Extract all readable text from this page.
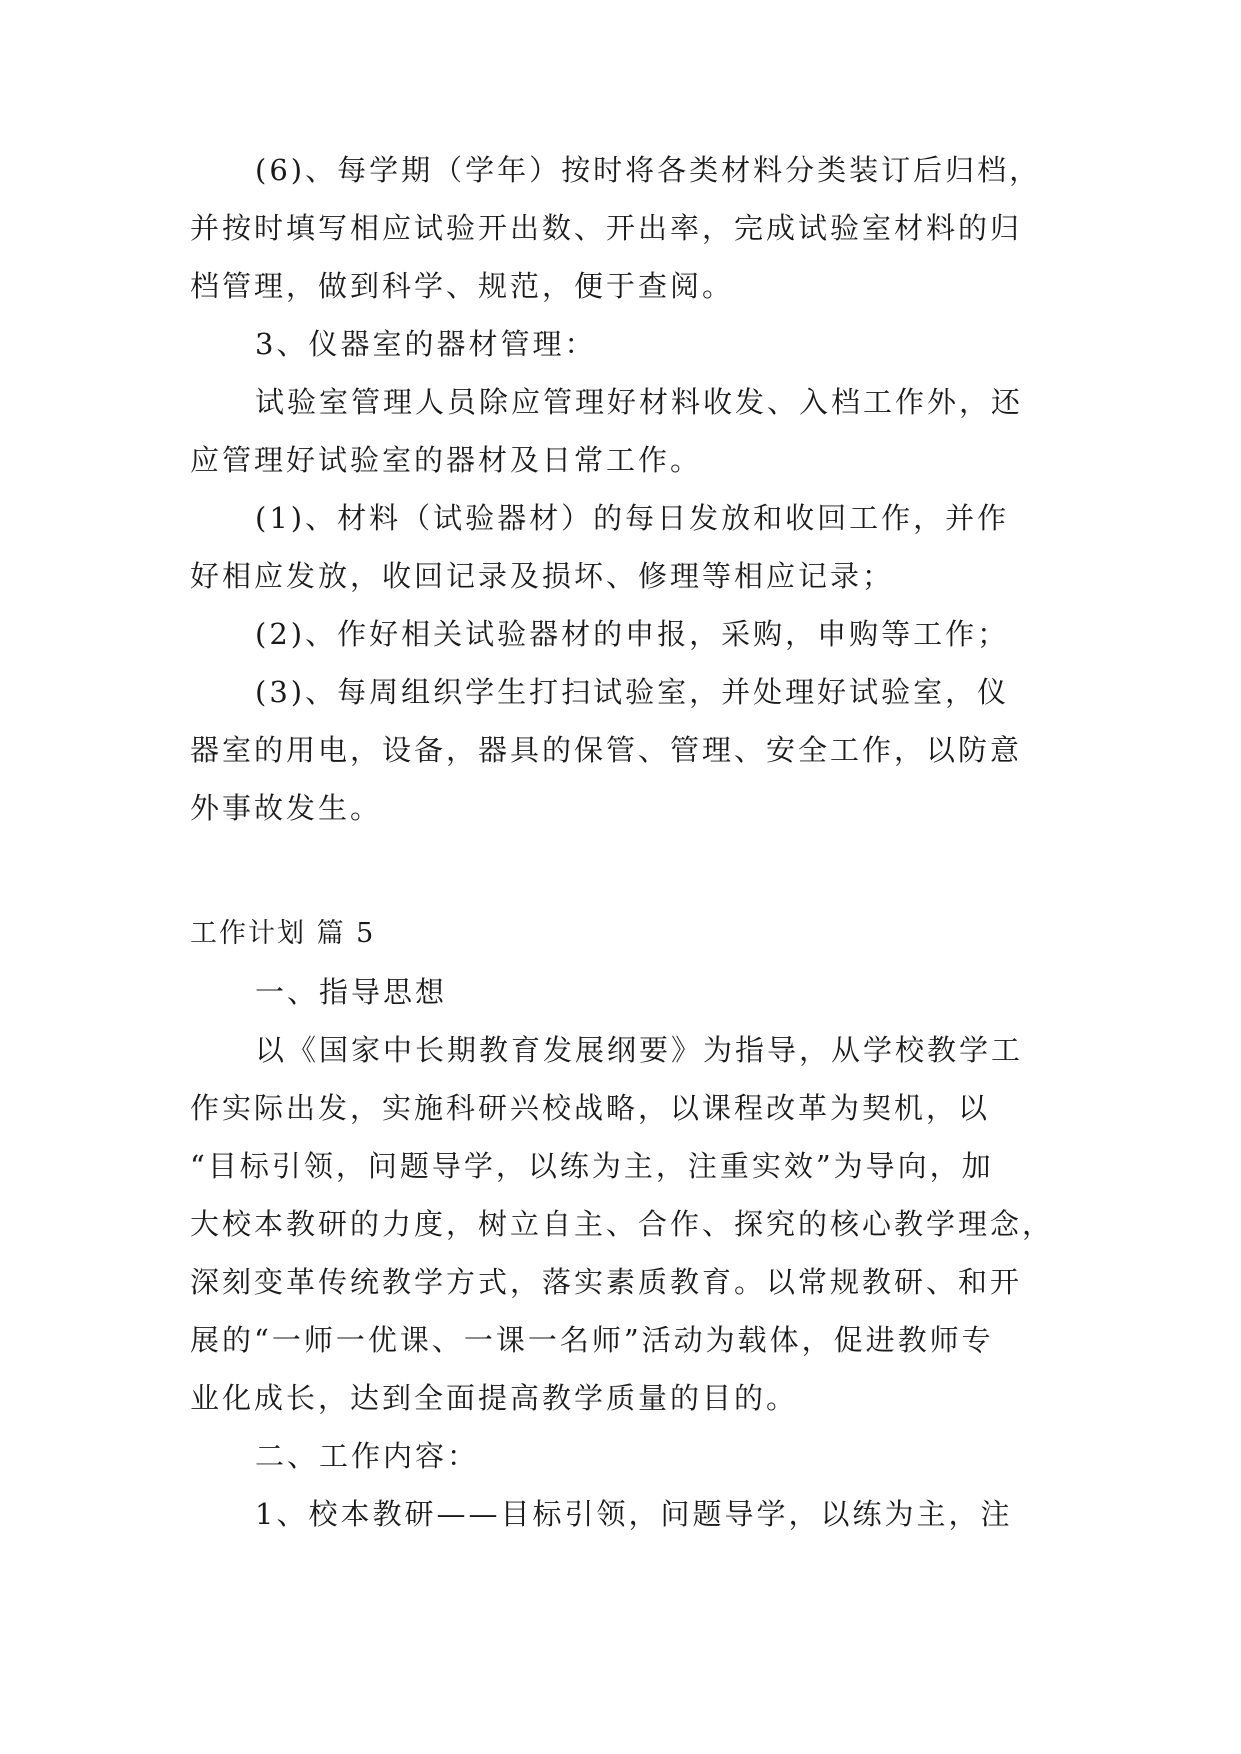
(6)、每学期（学年）按时将各类材料分类装订后归档，
并按时填写相应试验开出数、开出率，完成试验室材料的归
档管理，做到科学、规范，便于查阅。
3、仪器室的器材管理：
试验室管理人员除应管理好材料收发、入档工作外，还
应管理好试验室的器材及日常工作。
(1)、材料（试验器材）的每日发放和收回工作，并作
好相应发放，收回记录及损坏、修理等相应记录；
(2)、作好相关试验器材的申报，采购，申购等工作；
(3)、每周组织学生打扫试验室，并处理好试验室，仪
器室的用电，设备，器具的保管、管理、安全工作，以防意
外事故发生。
工作计划 篇 5
一、指导思想
以《国家中长期教育发展纲要》为指导，从学校教学工
作实际出发，实施科研兴校战略，以课程改革为契机，以
“目标引领，问题导学，以练为主，注重实效”为导向，加
大校本教研的力度，树立自主、合作、探究的核心教学理念，
深刻变革传统教学方式，落实素质教育。以常规教研、和开
展的“一师一优课、一课一名师”活动为载体，促进教师专
业化成长，达到全面提高教学质量的目的。
二、工作内容：
1、校本教研——目标引领，问题导学，以练为主，注
